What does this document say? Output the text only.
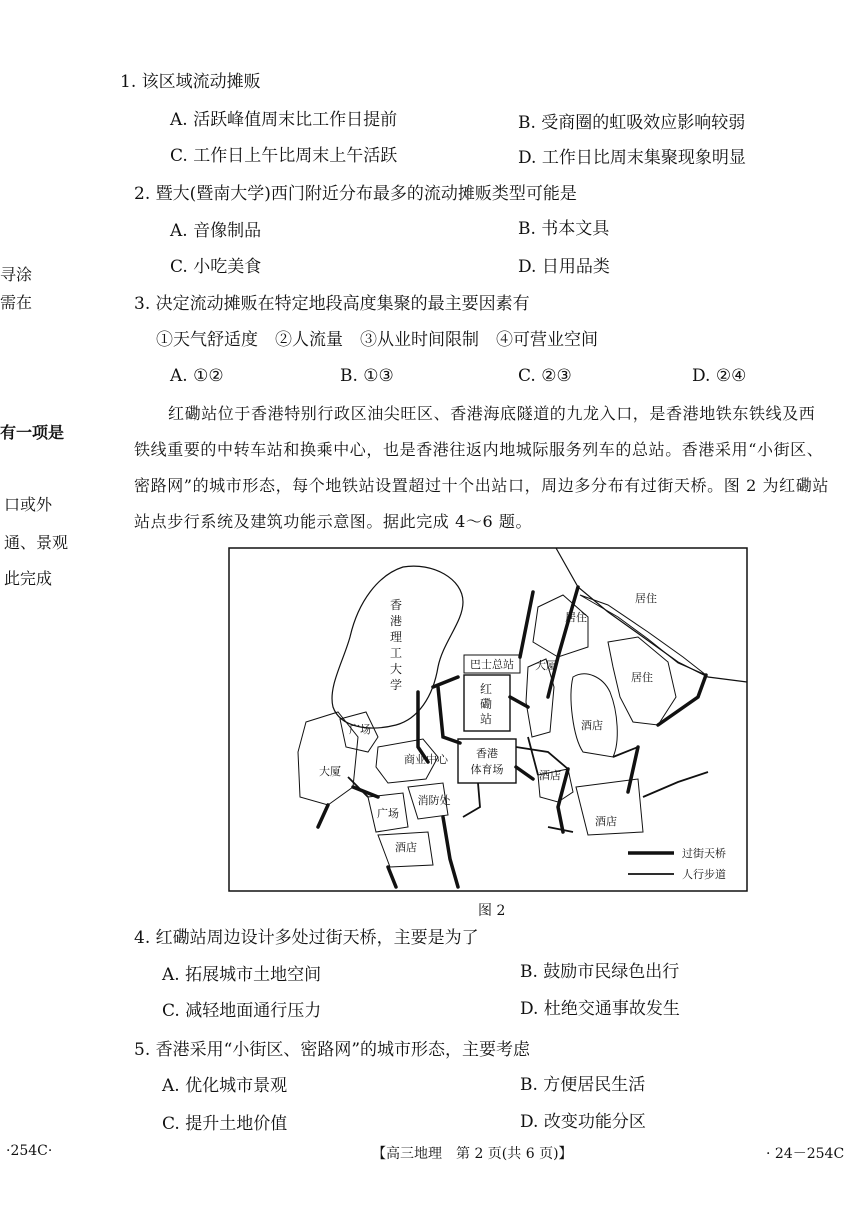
寻涂
需在
有一项是
口或外
通、景观
此完成
1. 该区域流动摊贩
A. 活跃峰值周末比工作日提前	B. 受商圈的虹吸效应影响较弱
C. 工作日上午比周末上午活跃	D. 工作日比周末集聚现象明显
2. 暨大(暨南大学)西门附近分布最多的流动摊贩类型可能是
A. 音像制品	B. 书本文具
C. 小吃美食	D. 日用品类
3. 决定流动摊贩在特定地段高度集聚的最主要因素有
①天气舒适度　②人流量　③从业时间限制　④可营业空间
A. ①②	B. ①③	C. ②③	D. ②④
红磡站位于香港特别行政区油尖旺区、香港海底隧道的九龙入口，是香港地铁东铁线及西
铁线重要的中转车站和换乘中心，也是香港往返内地城际服务列车的总站。香港采用“小街区、
密路网”的城市形态，每个地铁站设置超过十个出站口，周边多分布有过街天桥。图 2 为红磡站
站点步行系统及建筑功能示意图。据此完成 4～6 题。
香
港
理
工
大
学	红
磡
站
香港
体育场
巴士总站
居住
居住
居住
大厦
大厦
广场
广场
商业中心
消防处
酒店
酒店
酒店
酒店	过街天桥
人行步道
图 2
4. 红磡站周边设计多处过街天桥，主要是为了
A. 拓展城市土地空间	B. 鼓励市民绿色出行
C. 减轻地面通行压力	D. 杜绝交通事故发生
5. 香港采用“小街区、密路网”的城市形态，主要考虑
A. 优化城市景观	B. 方便居民生活
C. 提升土地价值	D. 改变功能分区
·254C·	【高三地理　第 2 页(共 6 页)】	· 24－254C
